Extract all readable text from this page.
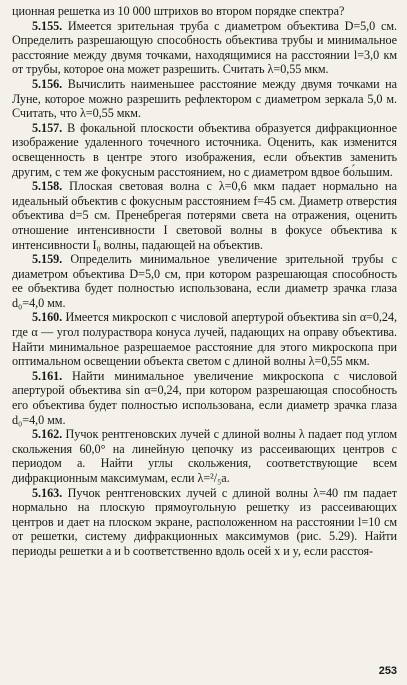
ционная решетка из 10 000 штрихов во втором порядке спектра?

5.155. Имеется зрительная труба с диаметром объектива D=5,0 см. Определить разрешающую способность объектива трубы и минимальное расстояние между двумя точками, находящимися на расстоянии l=3,0 км от трубы, которое она может разрешить. Считать λ=0,55 мкм.

5.156. Вычислить наименьшее расстояние между двумя точками на Луне, которое можно разрешить рефлектором с диаметром зеркала 5,0 м. Считать, что λ=0,55 мкм.

5.157. В фокальной плоскости объектива образуется дифракционное изображение удаленного точечного источника. Оценить, как изменится освещенность в центре этого изображения, если объектив заменить другим, с тем же фокусным расстоянием, но с диаметром вдвое бо́льшим.

5.158. Плоская световая волна с λ=0,6 мкм падает нормально на идеальный объектив с фокусным расстоянием f=45 см. Диаметр отверстия объектива d=5 см. Пренебрегая потерями света на отражения, оценить отношение интенсивности I световой волны в фокусе объектива к интенсивности I₀ волны, падающей на объектив.

5.159. Определить минимальное увеличение зрительной трубы с диаметром объектива D=5,0 см, при котором разрешающая способность ее объектива будет полностью использована, если диаметр зрачка глаза d₀=4,0 мм.

5.160. Имеется микроскоп с числовой апертурой объектива sin α=0,24, где α — угол полураствора конуса лучей, падающих на оправу объектива. Найти минимальное разрешаемое расстояние для этого микроскопа при оптимальном освещении объекта светом с длиной волны λ=0,55 мкм.

5.161. Найти минимальное увеличение микроскопа с числовой апертурой объектива sin α=0,24, при котором разрешающая способность его объектива будет полностью использована, если диаметр зрачка глаза d₀=4,0 мм.

5.162. Пучок рентгеновских лучей с длиной волны λ падает под углом скольжения 60,0° на линейную цепочку из рассеивающих центров с периодом a. Найти углы скольжения, соответствующие всем дифракционным максимумам, если λ=²/₅a.

5.163. Пучок рентгеновских лучей с длиной волны λ=40 пм падает нормально на плоскую прямоугольную решетку из рассеивающих центров и дает на плоском экране, расположенном на расстоянии l=10 см от решетки, систему дифракционных максимумов (рис. 5.29). Найти периоды решетки a и b соответственно вдоль осей x и y, если расстоя-

253
